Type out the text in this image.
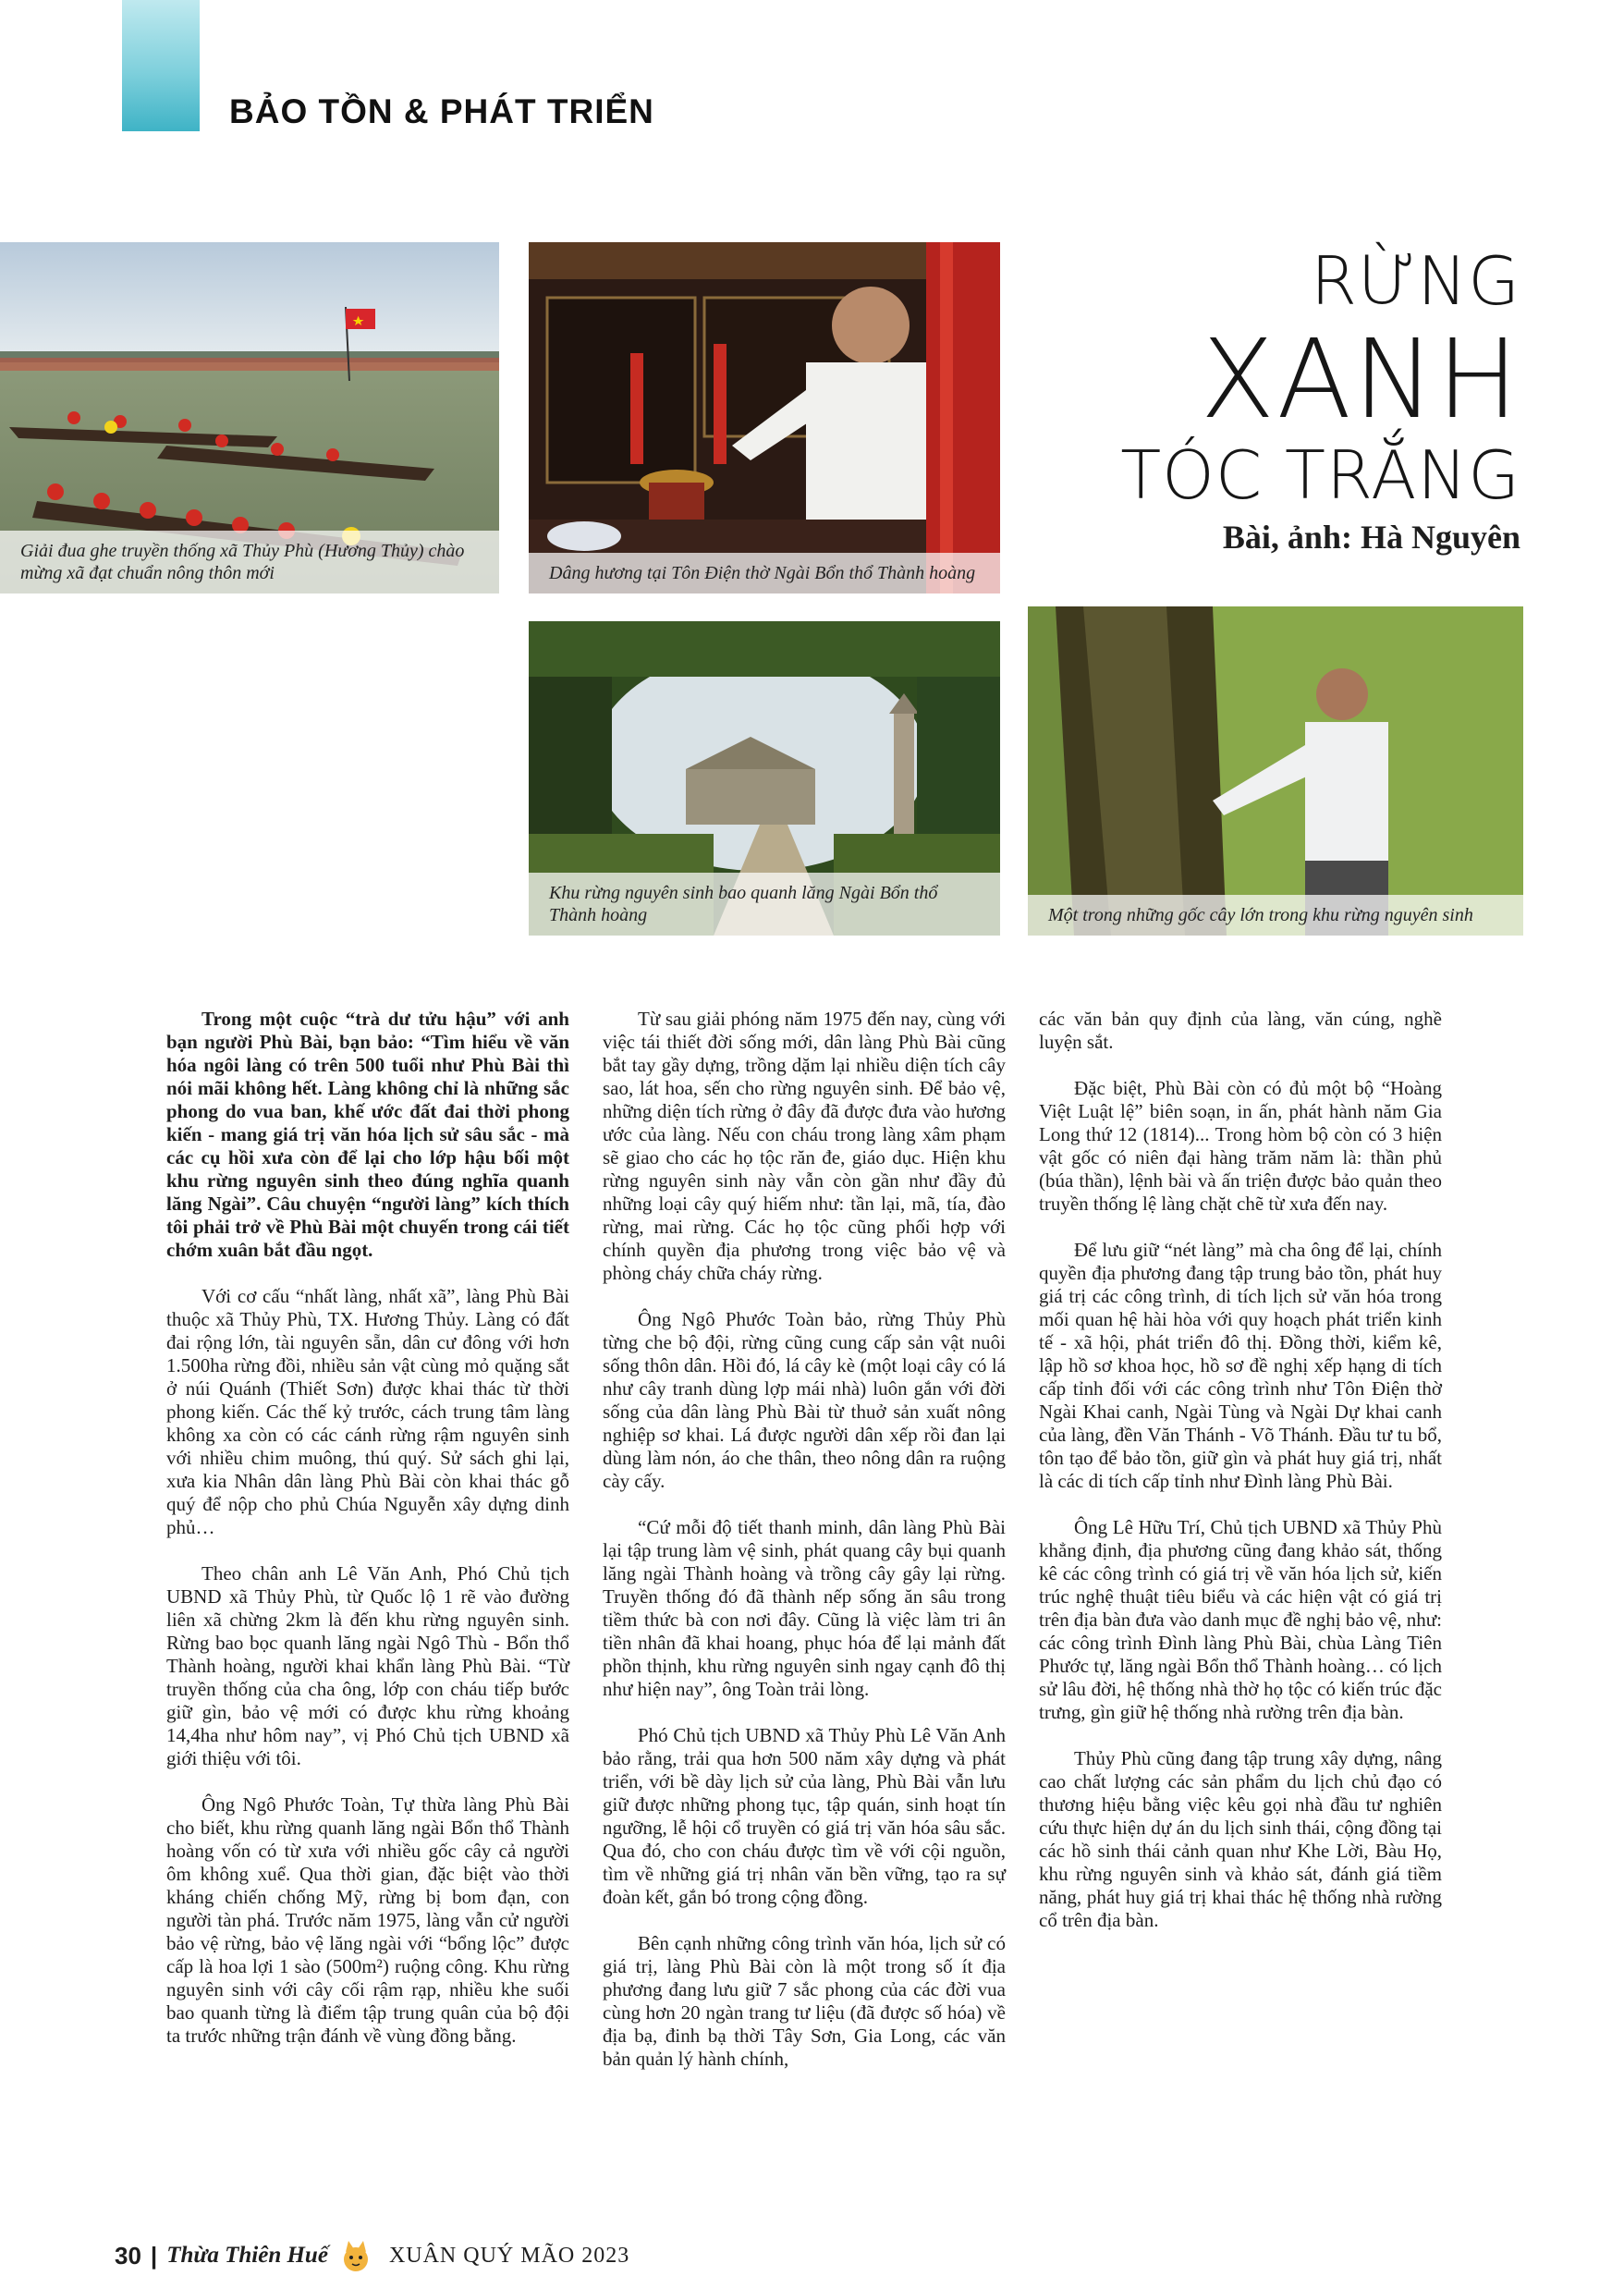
BẢO TỒN & PHÁT TRIỂN
Giải đua ghe truyền thống xã Thủy Phù (Hương Thủy) chào mừng xã đạt chuẩn nông thôn mới	Dâng hương tại Tôn Điện thờ Ngài Bổn thổ Thành hoàng
RỪNG
XANH
TÓC TRẮNG
Bài, ảnh: Hà Nguyên
Khu rừng nguyên sinh bao quanh lăng Ngài Bổn thổ Thành hoàng	Một trong những gốc cây lớn trong khu rừng nguyên sinh

Trong một cuộc “trà dư tửu hậu” với anh bạn người Phù Bài, bạn bảo: “Tìm hiểu về văn hóa ngôi làng có trên 500 tuổi như Phù Bài thì nói mãi không hết. Làng không chỉ là những sắc phong do vua ban, khế ước đất đai thời phong kiến - mang giá trị văn hóa lịch sử sâu sắc - mà các cụ hồi xưa còn để lại cho lớp hậu bối một khu rừng nguyên sinh theo đúng nghĩa quanh lăng Ngài”. Câu chuyện “người làng” kích thích tôi phải trở về Phù Bài một chuyến trong cái tiết chớm xuân bắt đầu ngọt.

Với cơ cấu “nhất làng, nhất xã”, làng Phù Bài thuộc xã Thủy Phù, TX. Hương Thủy. Làng có đất đai rộng lớn, tài nguyên sẵn, dân cư đông với hơn 1.500ha rừng đồi, nhiều sản vật cùng mỏ quặng sắt ở núi Quánh (Thiết Sơn) được khai thác từ thời phong kiến. Các thế kỷ trước, cách trung tâm làng không xa còn có các cánh rừng rậm nguyên sinh với nhiều chim muông, thú quý. Sử sách ghi lại, xưa kia Nhân dân làng Phù Bài còn khai thác gỗ quý để nộp cho phủ Chúa Nguyễn xây dựng dinh phủ…

Theo chân anh Lê Văn Anh, Phó Chủ tịch UBND xã Thủy Phù, từ Quốc lộ 1 rẽ vào đường liên xã chừng 2km là đến khu rừng nguyên sinh. Rừng bao bọc quanh lăng ngài Ngô Thù - Bổn thổ Thành hoàng, người khai khẩn làng Phù Bài. “Từ truyền thống của cha ông, lớp con cháu tiếp bước giữ gìn, bảo vệ mới có được khu rừng khoảng 14,4ha như hôm nay”, vị Phó Chủ tịch UBND xã giới thiệu với tôi.

Ông Ngô Phước Toàn, Tự thừa làng Phù Bài cho biết, khu rừng quanh lăng ngài Bổn thổ Thành hoàng vốn có từ xưa với nhiều gốc cây cả người ôm không xuể. Qua thời gian, đặc biệt vào thời kháng chiến chống Mỹ, rừng bị bom đạn, con người tàn phá. Trước năm 1975, làng vẫn cử người bảo vệ rừng, bảo vệ lăng ngài với “bổng lộc” được cấp là hoa lợi 1 sào (500m²) ruộng công. Khu rừng nguyên sinh với cây cối rậm rạp, nhiều khe suối bao quanh từng là điểm tập trung quân của bộ đội ta trước những trận đánh về vùng đồng bằng.

Từ sau giải phóng năm 1975 đến nay, cùng với việc tái thiết đời sống mới, dân làng Phù Bài cũng bắt tay gầy dựng, trồng dặm lại nhiều diện tích cây sao, lát hoa, sến cho rừng nguyên sinh. Để bảo vệ, những diện tích rừng ở đây đã được đưa vào hương ước của làng. Nếu con cháu trong làng xâm phạm sẽ giao cho các họ tộc răn đe, giáo dục. Hiện khu rừng nguyên sinh này vẫn còn gần như đầy đủ những loại cây quý hiếm như: tần lại, mã, tía, đào rừng, mai rừng. Các họ tộc cũng phối hợp với chính quyền địa phương trong việc bảo vệ và phòng cháy chữa cháy rừng.

Ông Ngô Phước Toàn bảo, rừng Thủy Phù từng che bộ đội, rừng cũng cung cấp sản vật nuôi sống thôn dân. Hồi đó, lá cây kè (một loại cây có lá như cây tranh dùng lợp mái nhà) luôn gắn với đời sống của dân làng Phù Bài từ thuở sản xuất nông nghiệp sơ khai. Lá được người dân xếp rồi đan lại dùng làm nón, áo che thân, theo nông dân ra ruộng cày cấy.

“Cứ mỗi độ tiết thanh minh, dân làng Phù Bài lại tập trung làm vệ sinh, phát quang cây bụi quanh lăng ngài Thành hoàng và trồng cây gây lại rừng. Truyền thống đó đã thành nếp sống ăn sâu trong tiềm thức bà con nơi đây. Cũng là việc làm tri ân tiền nhân đã khai hoang, phục hóa để lại mảnh đất phồn thịnh, khu rừng nguyên sinh ngay cạnh đô thị như hiện nay”, ông Toàn trải lòng.

Phó Chủ tịch UBND xã Thủy Phù Lê Văn Anh bảo rằng, trải qua hơn 500 năm xây dựng và phát triển, với bề dày lịch sử của làng, Phù Bài vẫn lưu giữ được những phong tục, tập quán, sinh hoạt tín ngưỡng, lễ hội cổ truyền có giá trị văn hóa sâu sắc. Qua đó, cho con cháu được tìm về với cội nguồn, tìm về những giá trị nhân văn bền vững, tạo ra sự đoàn kết, gắn bó trong cộng đồng.

Bên cạnh những công trình văn hóa, lịch sử có giá trị, làng Phù Bài còn là một trong số ít địa phương đang lưu giữ 7 sắc phong của các đời vua cùng hơn 20 ngàn trang tư liệu (đã được số hóa) về địa bạ, đinh bạ thời Tây Sơn, Gia Long, các văn bản quản lý hành chính,

các văn bản quy định của làng, văn cúng, nghề luyện sắt.

Đặc biệt, Phù Bài còn có đủ một bộ “Hoàng Việt Luật lệ” biên soạn, in ấn, phát hành năm Gia Long thứ 12 (1814)... Trong hòm bộ còn có 3 hiện vật gốc có niên đại hàng trăm năm là: thần phủ (búa thần), lệnh bài và ấn triện được bảo quản theo truyền thống lệ làng chặt chẽ từ xưa đến nay.

Để lưu giữ “nét làng” mà cha ông để lại, chính quyền địa phương đang tập trung bảo tồn, phát huy giá trị các công trình, di tích lịch sử văn hóa trong mối quan hệ hài hòa với quy hoạch phát triển kinh tế - xã hội, phát triển đô thị. Đồng thời, kiểm kê, lập hồ sơ khoa học, hồ sơ đề nghị xếp hạng di tích cấp tỉnh đối với các công trình như Tôn Điện thờ Ngài Khai canh, Ngài Tùng và Ngài Dự khai canh của làng, đền Văn Thánh - Võ Thánh. Đầu tư tu bổ, tôn tạo để bảo tồn, giữ gìn và phát huy giá trị, nhất là các di tích cấp tỉnh như Đình làng Phù Bài.

Ông Lê Hữu Trí, Chủ tịch UBND xã Thủy Phù khẳng định, địa phương cũng đang khảo sát, thống kê các công trình có giá trị về văn hóa lịch sử, kiến trúc nghệ thuật tiêu biểu và các hiện vật có giá trị trên địa bàn đưa vào danh mục đề nghị bảo vệ, như: các công trình Đình làng Phù Bài, chùa Làng Tiên Phước tự, lăng ngài Bổn thổ Thành hoàng… có lịch sử lâu đời, hệ thống nhà thờ họ tộc có kiến trúc đặc trưng, gìn giữ hệ thống nhà rường trên địa bàn.

Thủy Phù cũng đang tập trung xây dựng, nâng cao chất lượng các sản phẩm du lịch chủ đạo có thương hiệu bằng việc kêu gọi nhà đầu tư nghiên cứu thực hiện dự án du lịch sinh thái, cộng đồng tại các hồ sinh thái cảnh quan như Khe Lời, Bàu Họ, khu rừng nguyên sinh và khảo sát, đánh giá tiềm năng, phát huy giá trị khai thác hệ thống nhà rường cổ trên địa bàn.

30 | Thừa Thiên Huế	XUÂN QUÝ MÃO 2023
